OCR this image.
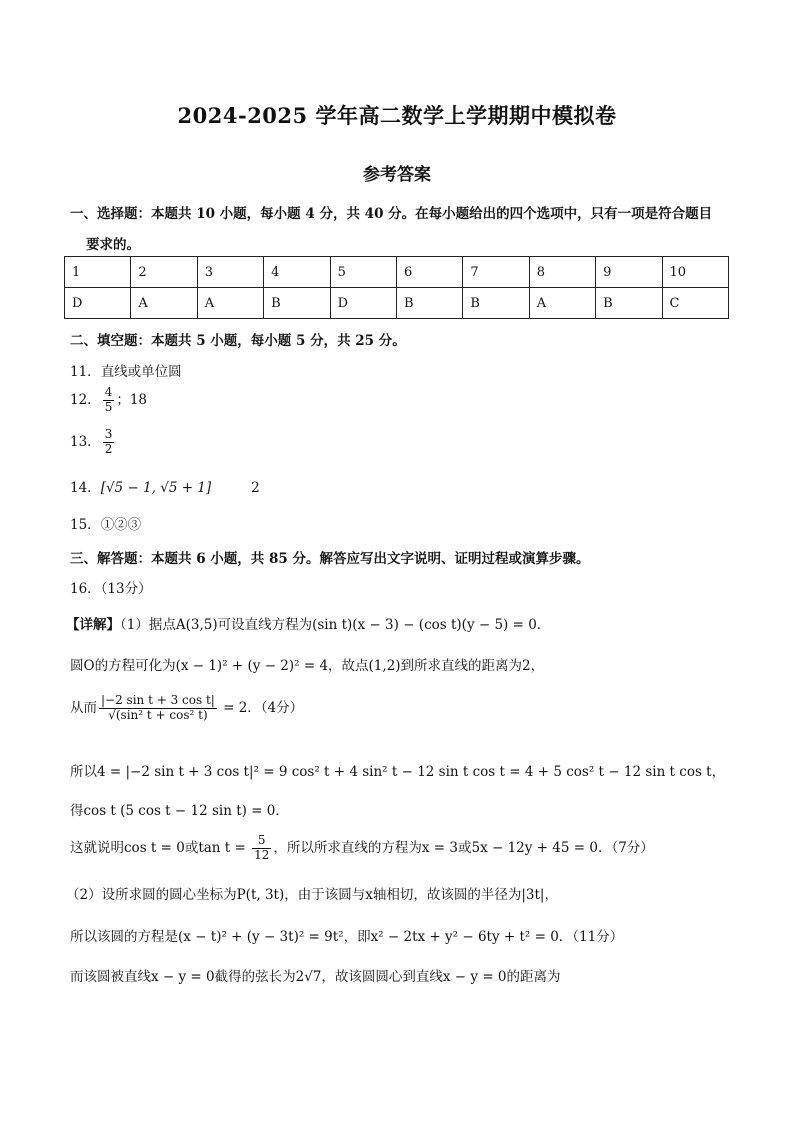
2024-2025 学年高二数学上学期期中模拟卷
参考答案
一、选择题：本题共 10 小题，每小题 4 分，共 40 分。在每小题给出的四个选项中，只有一项是符合题目
要求的。
1	2	3	4	5	6	7	8	9	10
D	A	A	B	D	B	B	A	B	C
二、填空题：本题共 5 小题，每小题 5 分，共 25 分。
11．直线或单位圆
12． $\frac{4}{5}$ ；18
13． $\frac{3}{2}$
14．[√5 − 1, √5 + 1]	2
15．①②③
三、解答题：本题共 6 小题，共 85 分。解答应写出文字说明、证明过程或演算步骤。
16．（13分）
【详解】（1）据点A(3,5)可设直线方程为(sin t)(x − 3) − (cos t)(y − 5) = 0．
圆O的方程可化为(x − 1)² + (y − 2)² = 4，故点(1,2)到所求直线的距离为2，
从而 $\frac{\text{|−2 sin t + 3 cos t|}}{\text{√(sin² t + cos² t)}} = 2$．（4分）
所以4 = |−2 sin t + 3 cos t|² = 9 cos² t + 4 sin² t − 12 sin t cos t = 4 + 5 cos² t − 12 sin t cos t，
得cos t (5 cos t − 12 sin t) = 0．
这就说明cos t = 0或$\tan t = \frac{5}{12}$ ，所以所求直线的方程为x = 3或5x − 12y + 45 = 0．（7分）
（2）设所求圆的圆心坐标为P(t, 3t)，由于该圆与x轴相切，故该圆的半径为|3t|，
所以该圆的方程是(x − t)² + (y − 3t)² = 9t²，即x² − 2tx + y² − 6ty + t² = 0．（11分）
而该圆被直线x − y = 0截得的弦长为2√7，故该圆圆心到直线x − y = 0的距离为
